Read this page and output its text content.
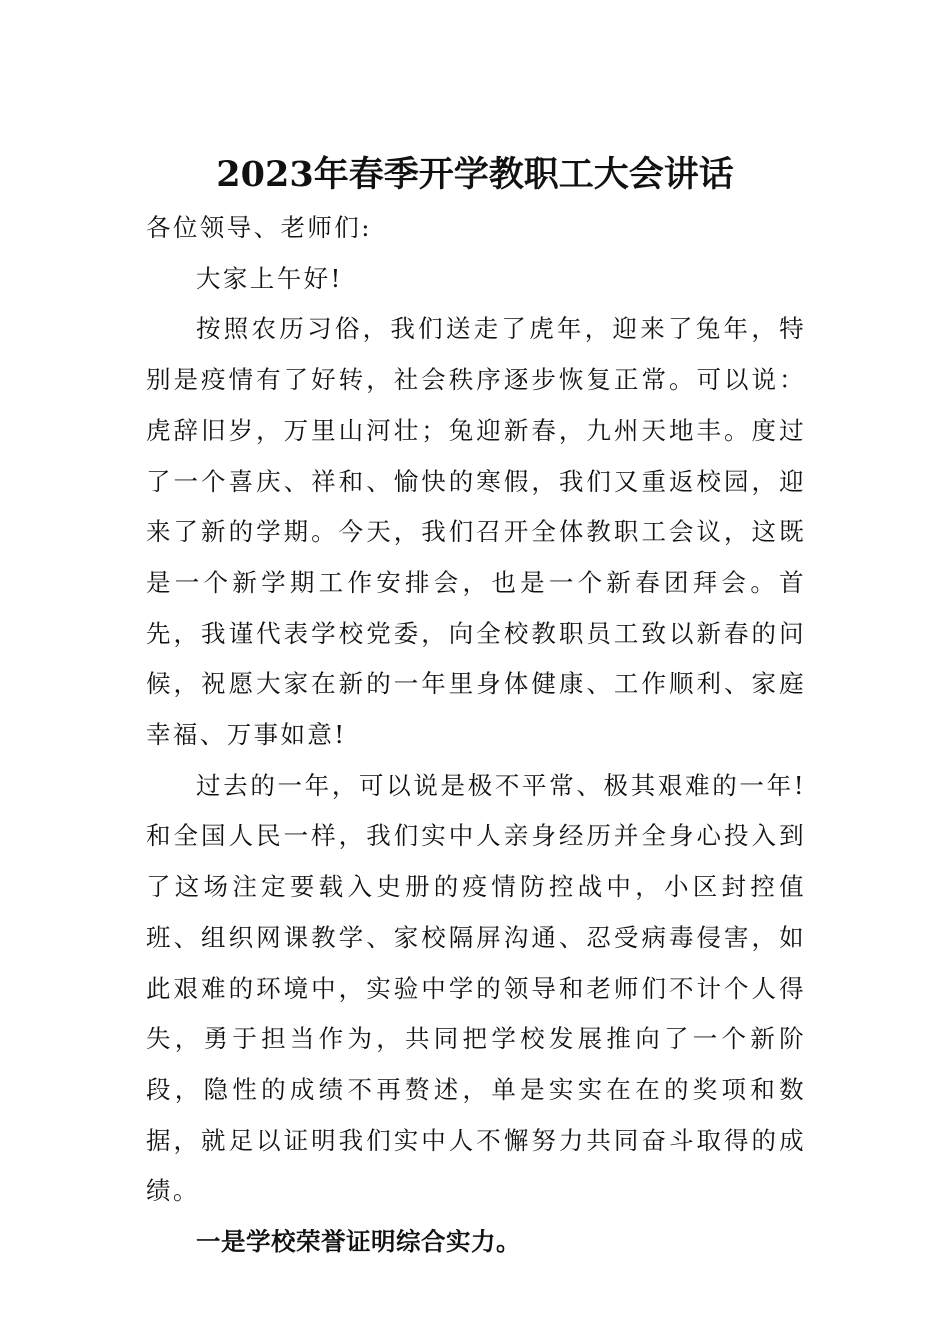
2023年春季开学教职工大会讲话

各位领导、老师们:

大家上午好!

按照农历习俗，我们送走了虎年，迎来了兔年，特别是疫情有了好转，社会秩序逐步恢复正常。可以说：虎辞旧岁，万里山河壮；兔迎新春，九州天地丰。度过了一个喜庆、祥和、愉快的寒假，我们又重返校园，迎来了新的学期。今天，我们召开全体教职工会议，这既是一个新学期工作安排会，也是一个新春团拜会。首先，我谨代表学校党委，向全校教职员工致以新春的问候，祝愿大家在新的一年里身体健康、工作顺利、家庭幸福、万事如意!

过去的一年，可以说是极不平常、极其艰难的一年!和全国人民一样，我们实中人亲身经历并全身心投入到了这场注定要载入史册的疫情防控战中，小区封控值班、组织网课教学、家校隔屏沟通、忍受病毒侵害，如此艰难的环境中，实验中学的领导和老师们不计个人得失，勇于担当作为，共同把学校发展推向了一个新阶段，隐性的成绩不再赘述，单是实实在在的奖项和数据，就足以证明我们实中人不懈努力共同奋斗取得的成绩。

一是学校荣誉证明综合实力。
